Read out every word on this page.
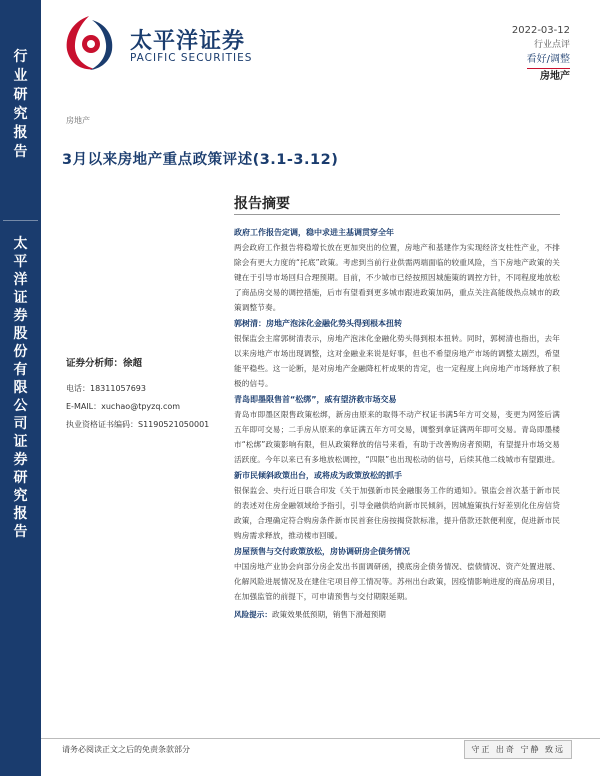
行
业
研
究
报
告
太
平
洋
证
券
股
份
有
限
公
司
证
券
研
究
报
告
太平洋证券
PACIFIC SECURITIES
2022-03-12
行业点评
看好/调整
房地产
房地产
3月以来房地产重点政策评述(3.1-3.12)
证券分析师：徐超
电话：18311057693
E-MAIL：xuchao@tpyzq.com
执业资格证书编码：S1190521050001
报告摘要
政府工作报告定调，稳中求进主基调贯穿全年

两会政府工作报告将稳增长放在更加突出的位置，房地产和基建作为实现经济支柱性产业，不排除会有更大力度的“托底”政策。考虑到当前行业供需两端面临的较重风险，当下房地产政策的关键在于引导市场回归合理预期。目前，不少城市已经按照因城施策的调控方针，不同程度地放松了商品房交易的调控措施，后市有望看到更多城市跟进政策加码，重点关注高能级热点城市的政策调整节奏。

郭树清：房地产泡沫化金融化势头得到根本扭转

银保监会主席郭树清表示，房地产泡沫化金融化势头得到根本扭转。同时，郭树清也指出，去年以来房地产市场出现调整，这对金融业来说是好事，但也不希望房地产市场的调整太剧烈，希望能平稳些。这一论断，是对房地产金融降杠杆成果的肯定，也一定程度上向房地产市场释放了积极的信号。

青岛即墨限售首“松绑”，威有望济救市场交易

青岛市即墨区限售政策松绑，新房由原来的取得不动产权证书满5年方可交易，变更为网签后满五年即可交易；二手房从原来的拿证满五年方可交易，调整到拿证满两年即可交易。青岛即墨楼市“松绑”政策影响有限，但从政策释放的信号来看，有助于改善购房者预期，有望提升市场交易活跃度。今年以来已有多地放松调控，“四限”也出现松动的信号，后续其他二线城市有望跟进。

新市民倾斜政策出台，或将成为政策放松的抓手

银保监会、央行近日联合印发《关于加强新市民金融服务工作的通知》。银监会首次基于新市民的表述对住房金融领域给予指引，引导金融供给向新市民倾斜，因城施策执行好差别化住房信贷政策，合理确定符合购房条件新市民首套住房按揭贷款标准，提升借款还款便利度，促进新市民购房需求释放，推动楼市回暖。

房屋预售与交付政策放松，房协调研房企债务情况

中国房地产业协会向部分房企发出书面调研函，摸底房企债务情况、偿债情况、资产处置进展、化解风险进展情况及在建住宅项目停工情况等。苏州出台政策，因疫情影响进度的商品房项目，在加强监管的前提下，可申请预售与交付期限延期。

风险提示：政策效果低预期，销售下滑超预期
请务必阅读正文之后的免责条款部分	守正 出奇 宁静 致远
